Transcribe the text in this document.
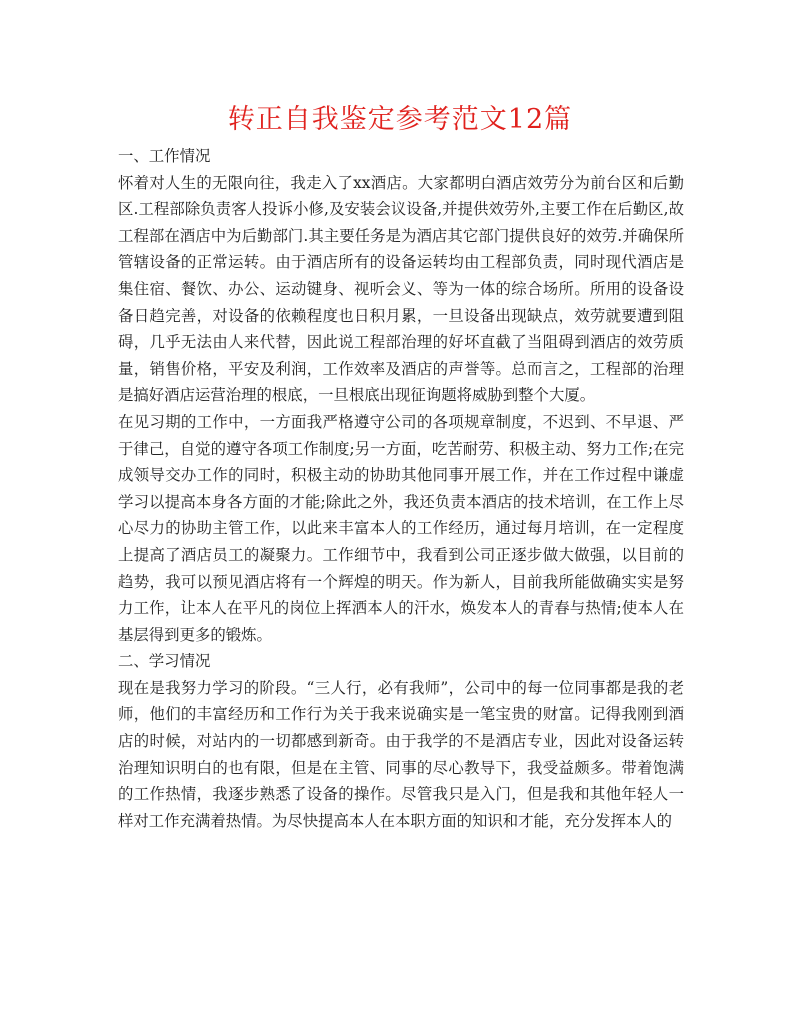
转正自我鉴定参考范文12篇

一、工作情况

怀着对人生的无限向往，我走入了xx酒店。大家都明白酒店效劳分为前台区和后勤区.工程部除负责客人投诉小修,及安装会议设备,并提供效劳外,主要工作在后勤区,故工程部在酒店中为后勤部门.其主要任务是为酒店其它部门提供良好的效劳.并确保所管辖设备的正常运转。由于酒店所有的设备运转均由工程部负责，同时现代酒店是集住宿、餐饮、办公、运动键身、视听会义、等为一体的综合场所。所用的设备设备日趋完善，对设备的依赖程度也日积月累，一旦设备出现缺点，效劳就要遭到阻碍，几乎无法由人来代替，因此说工程部治理的好坏直截了当阻碍到酒店的效劳质量，销售价格，平安及利润，工作效率及酒店的声誉等。总而言之，工程部的治理是搞好酒店运营治理的根底，一旦根底出现征询题将威胁到整个大厦。

在见习期的工作中，一方面我严格遵守公司的各项规章制度，不迟到、不早退、严于律己，自觉的遵守各项工作制度;另一方面，吃苦耐劳、积极主动、努力工作;在完成领导交办工作的同时，积极主动的协助其他同事开展工作，并在工作过程中谦虚学习以提高本身各方面的才能;除此之外，我还负责本酒店的技术培训，在工作上尽心尽力的协助主管工作，以此来丰富本人的工作经历，通过每月培训，在一定程度上提高了酒店员工的凝聚力。工作细节中，我看到公司正逐步做大做强，以目前的趋势，我可以预见酒店将有一个辉煌的明天。作为新人，目前我所能做确实实是努力工作，让本人在平凡的岗位上挥洒本人的汗水，焕发本人的青春与热情;使本人在基层得到更多的锻炼。

二、学习情况

现在是我努力学习的阶段。“三人行，必有我师”，公司中的每一位同事都是我的老师，他们的丰富经历和工作行为关于我来说确实是一笔宝贵的财富。记得我刚到酒店的时候，对站内的一切都感到新奇。由于我学的不是酒店专业，因此对设备运转治理知识明白的也有限，但是在主管、同事的尽心教导下，我受益颇多。带着饱满的工作热情，我逐步熟悉了设备的操作。尽管我只是入门，但是我和其他年轻人一样对工作充满着热情。为尽快提高本人在本职方面的知识和才能，充分发挥本人的
